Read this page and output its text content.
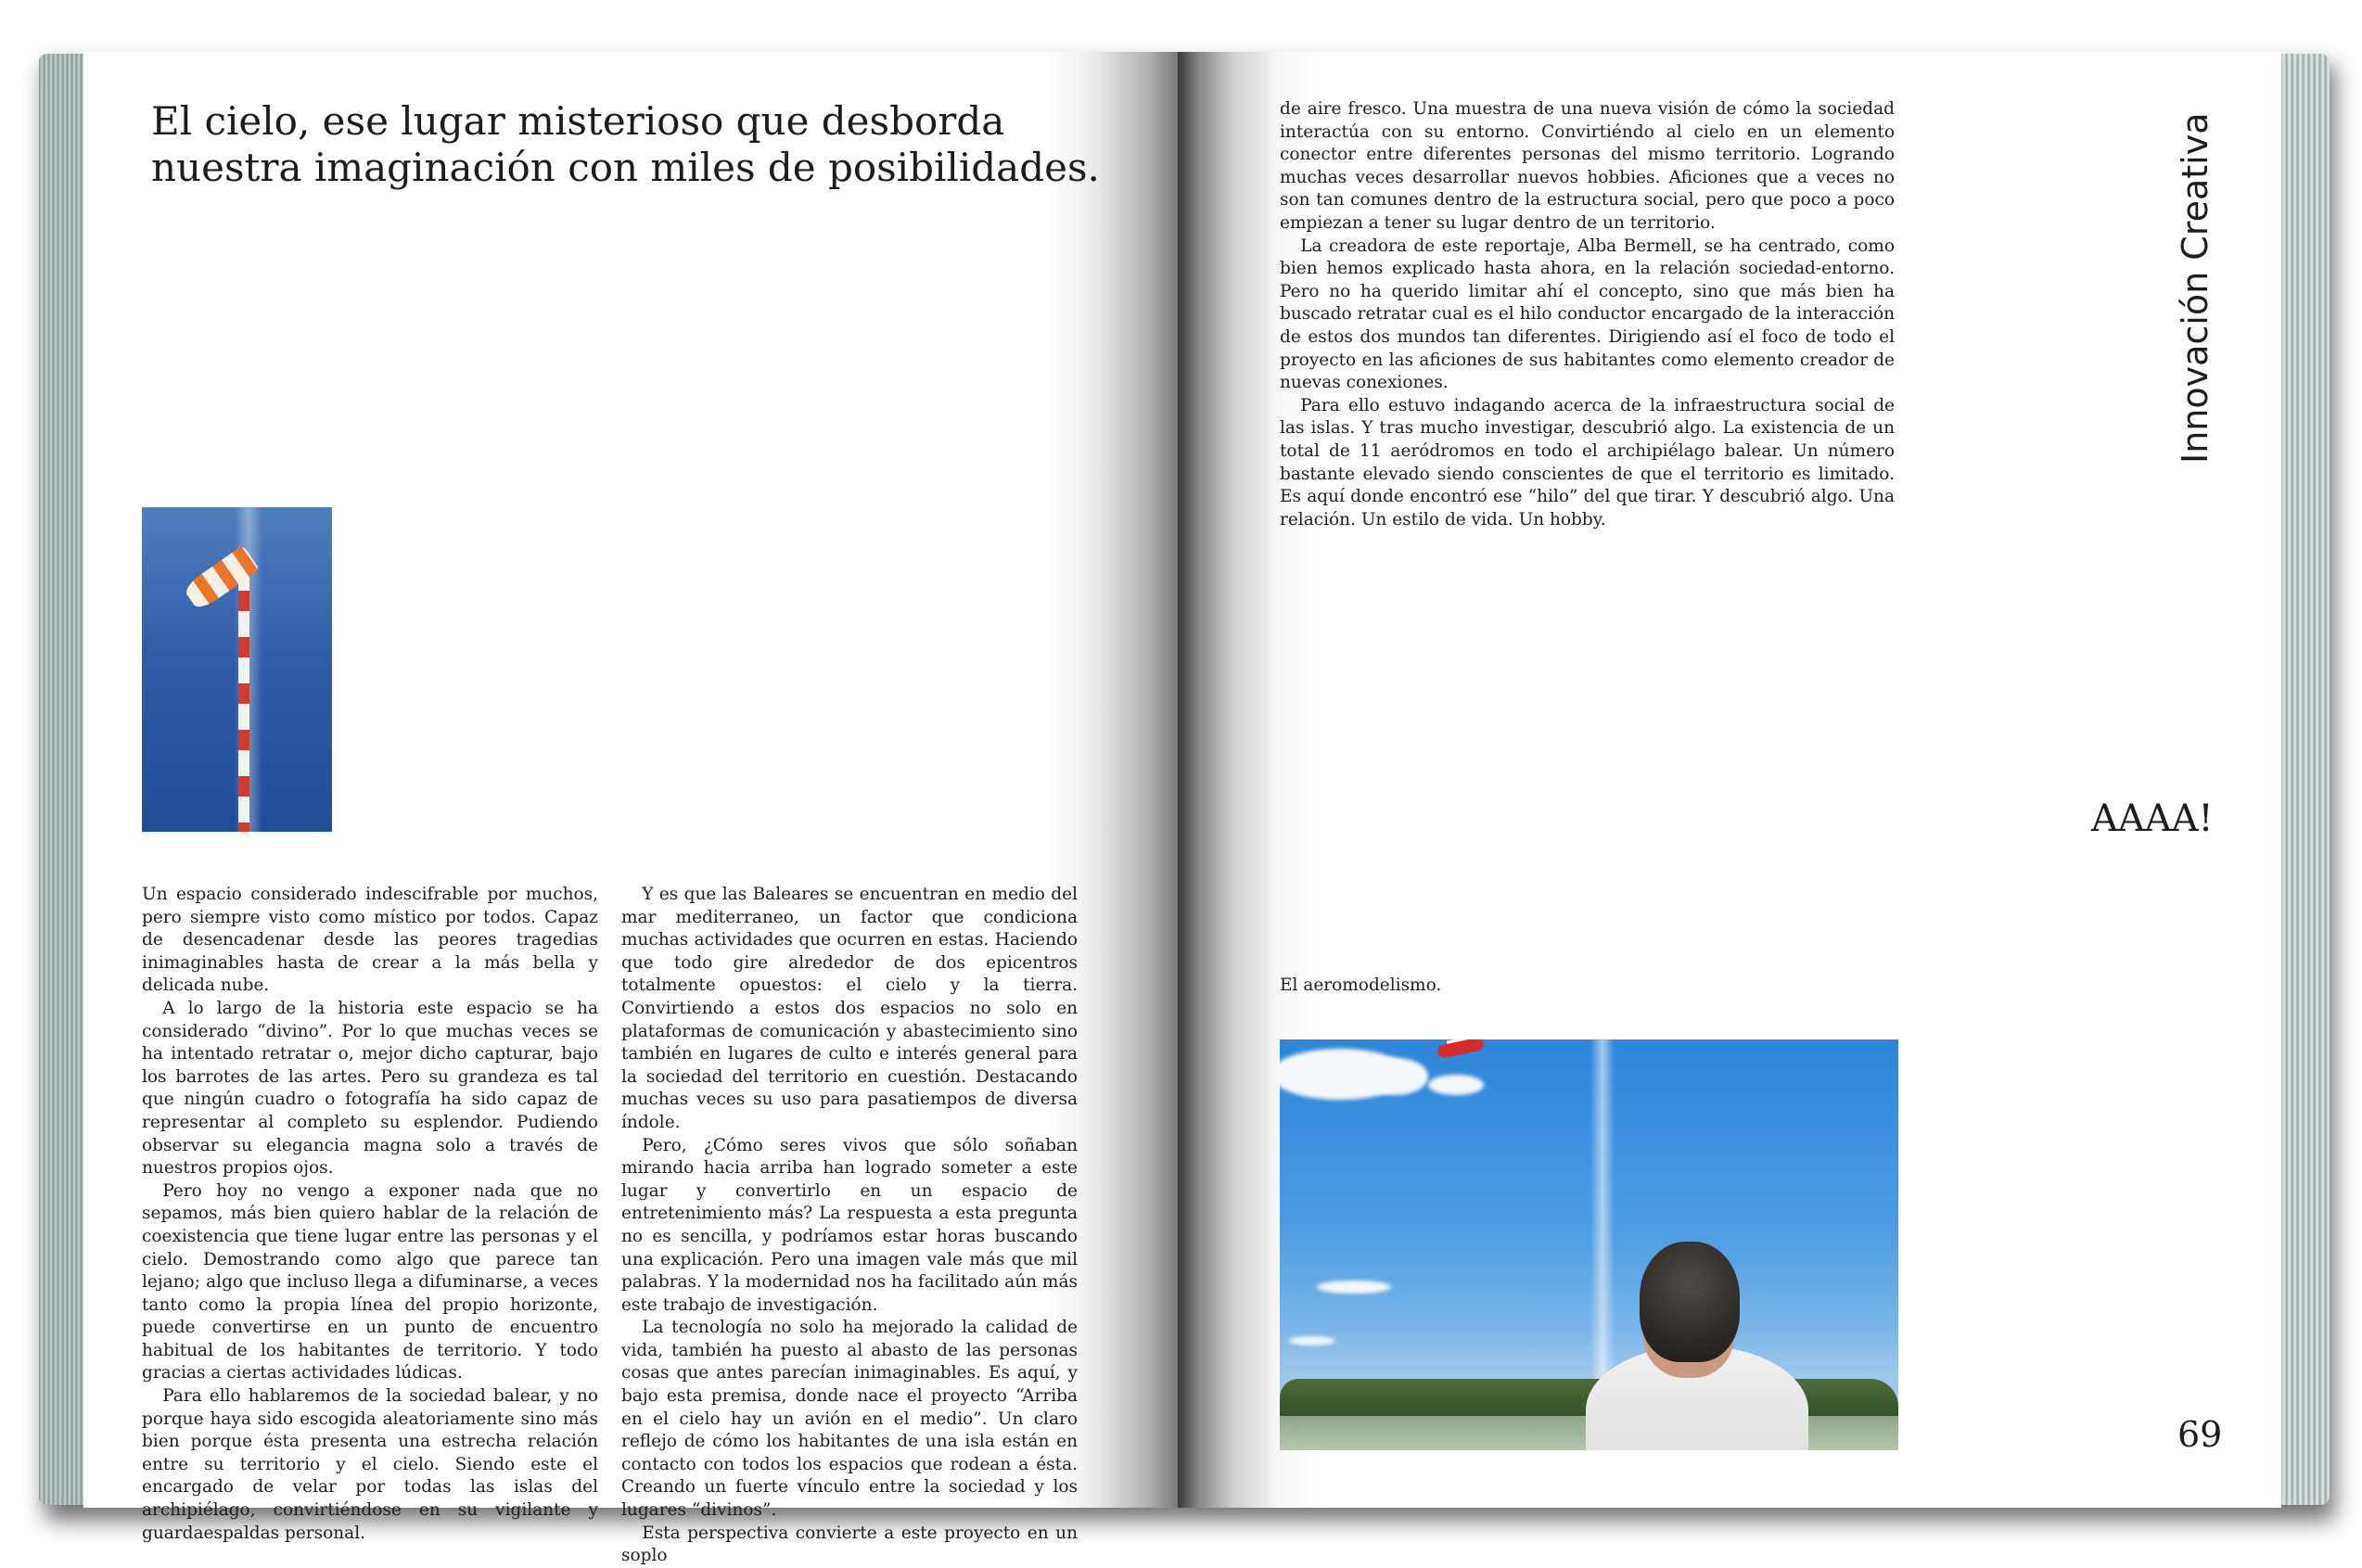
El cielo, ese lugar misterioso que desborda nuestra imaginación con miles de posibilidades.

Un espacio considerado indescifrable por muchos, pero siempre visto como místico por todos. Capaz de desencadenar desde las peores tragedias inimaginables hasta de crear a la más bella y delicada nube.

A lo largo de la historia este espacio se ha considerado “divino”. Por lo que muchas veces se ha intentado retratar o, mejor dicho capturar, bajo los barrotes de las artes. Pero su grandeza es tal que ningún cuadro o fotografía ha sido capaz de representar al completo su esplendor. Pudiendo observar su elegancia magna solo a través de nuestros propios ojos.

Pero hoy no vengo a exponer nada que no sepamos, más bien quiero hablar de la relación de coexistencia que tiene lugar entre las personas y el cielo. Demostrando como algo que parece tan lejano; algo que incluso llega a difuminarse, a veces tanto como la propia línea del propio horizonte, puede convertirse en un punto de encuentro habitual de los habitantes de territorio. Y todo gracias a ciertas actividades lúdicas.

Para ello hablaremos de la sociedad balear, y no porque haya sido escogida aleatoriamente sino más bien porque ésta presenta una estrecha relación entre su territorio y el cielo. Siendo este el encargado de velar por todas las islas del archipiélago, convirtiéndose en su vigilante y guardaespaldas personal.

Y es que las Baleares se encuentran en medio del mar mediterraneo, un factor que condiciona muchas actividades que ocurren en estas. Haciendo que todo gire alrededor de dos epicentros totalmente opuestos: el cielo y la tierra. Convirtiendo a estos dos espacios no solo en plataformas de comunicación y abastecimiento sino también en lugares de culto e interés general para la sociedad del territorio en cuestión. Destacando muchas veces su uso para pasatiempos de diversa índole.

Pero, ¿Cómo seres vivos que sólo soñaban mirando hacia arriba han logrado someter a este lugar y convertirlo en un espacio de entretenimiento más? La respuesta a esta pregunta no es sencilla, y podríamos estar horas buscando una explicación. Pero una imagen vale más que mil palabras. Y la modernidad nos ha facilitado aún más este trabajo de investigación.

La tecnología no solo ha mejorado la calidad de vida, también ha puesto al abasto de las personas cosas que antes parecían inimaginables. Es aquí, y bajo esta premisa, donde nace el proyecto “Arriba en el cielo hay un avión en el medio”. Un claro reflejo de cómo los habitantes de una isla están en contacto con todos los espacios que rodean a ésta. Creando un fuerte vínculo entre la sociedad y los lugares “divinos”.

Esta perspectiva convierte a este proyecto en un soplo

de aire fresco. Una muestra de una nueva visión de cómo la sociedad interactúa con su entorno. Convirtiéndo al cielo en un elemento conector entre diferentes personas del mismo territorio. Logrando muchas veces desarrollar nuevos hobbies. Aficiones que a veces no son tan comunes dentro de la estructura social, pero que poco a poco empiezan a tener su lugar dentro de un territorio.

La creadora de este reportaje, Alba Bermell, se ha centrado, como bien hemos explicado hasta ahora, en la relación sociedad-entorno. Pero no ha querido limitar ahí el concepto, sino que más bien ha buscado retratar cual es el hilo conductor encargado de la interacción de estos dos mundos tan diferentes. Dirigiendo así el foco de todo el proyecto en las aficiones de sus habitantes como elemento creador de nuevas conexiones.

Para ello estuvo indagando acerca de la infraestructura social de las islas. Y tras mucho investigar, descubrió algo. La existencia de un total de 11 aeródromos en todo el archipiélago balear. Un número bastante elevado siendo conscientes de que el territorio es limitado. Es aquí donde encontró ese “hilo” del que tirar. Y descubrió algo. Una relación. Un estilo de vida. Un hobby.

Innovación Creativa
AAAA!
El aeromodelismo.
69
